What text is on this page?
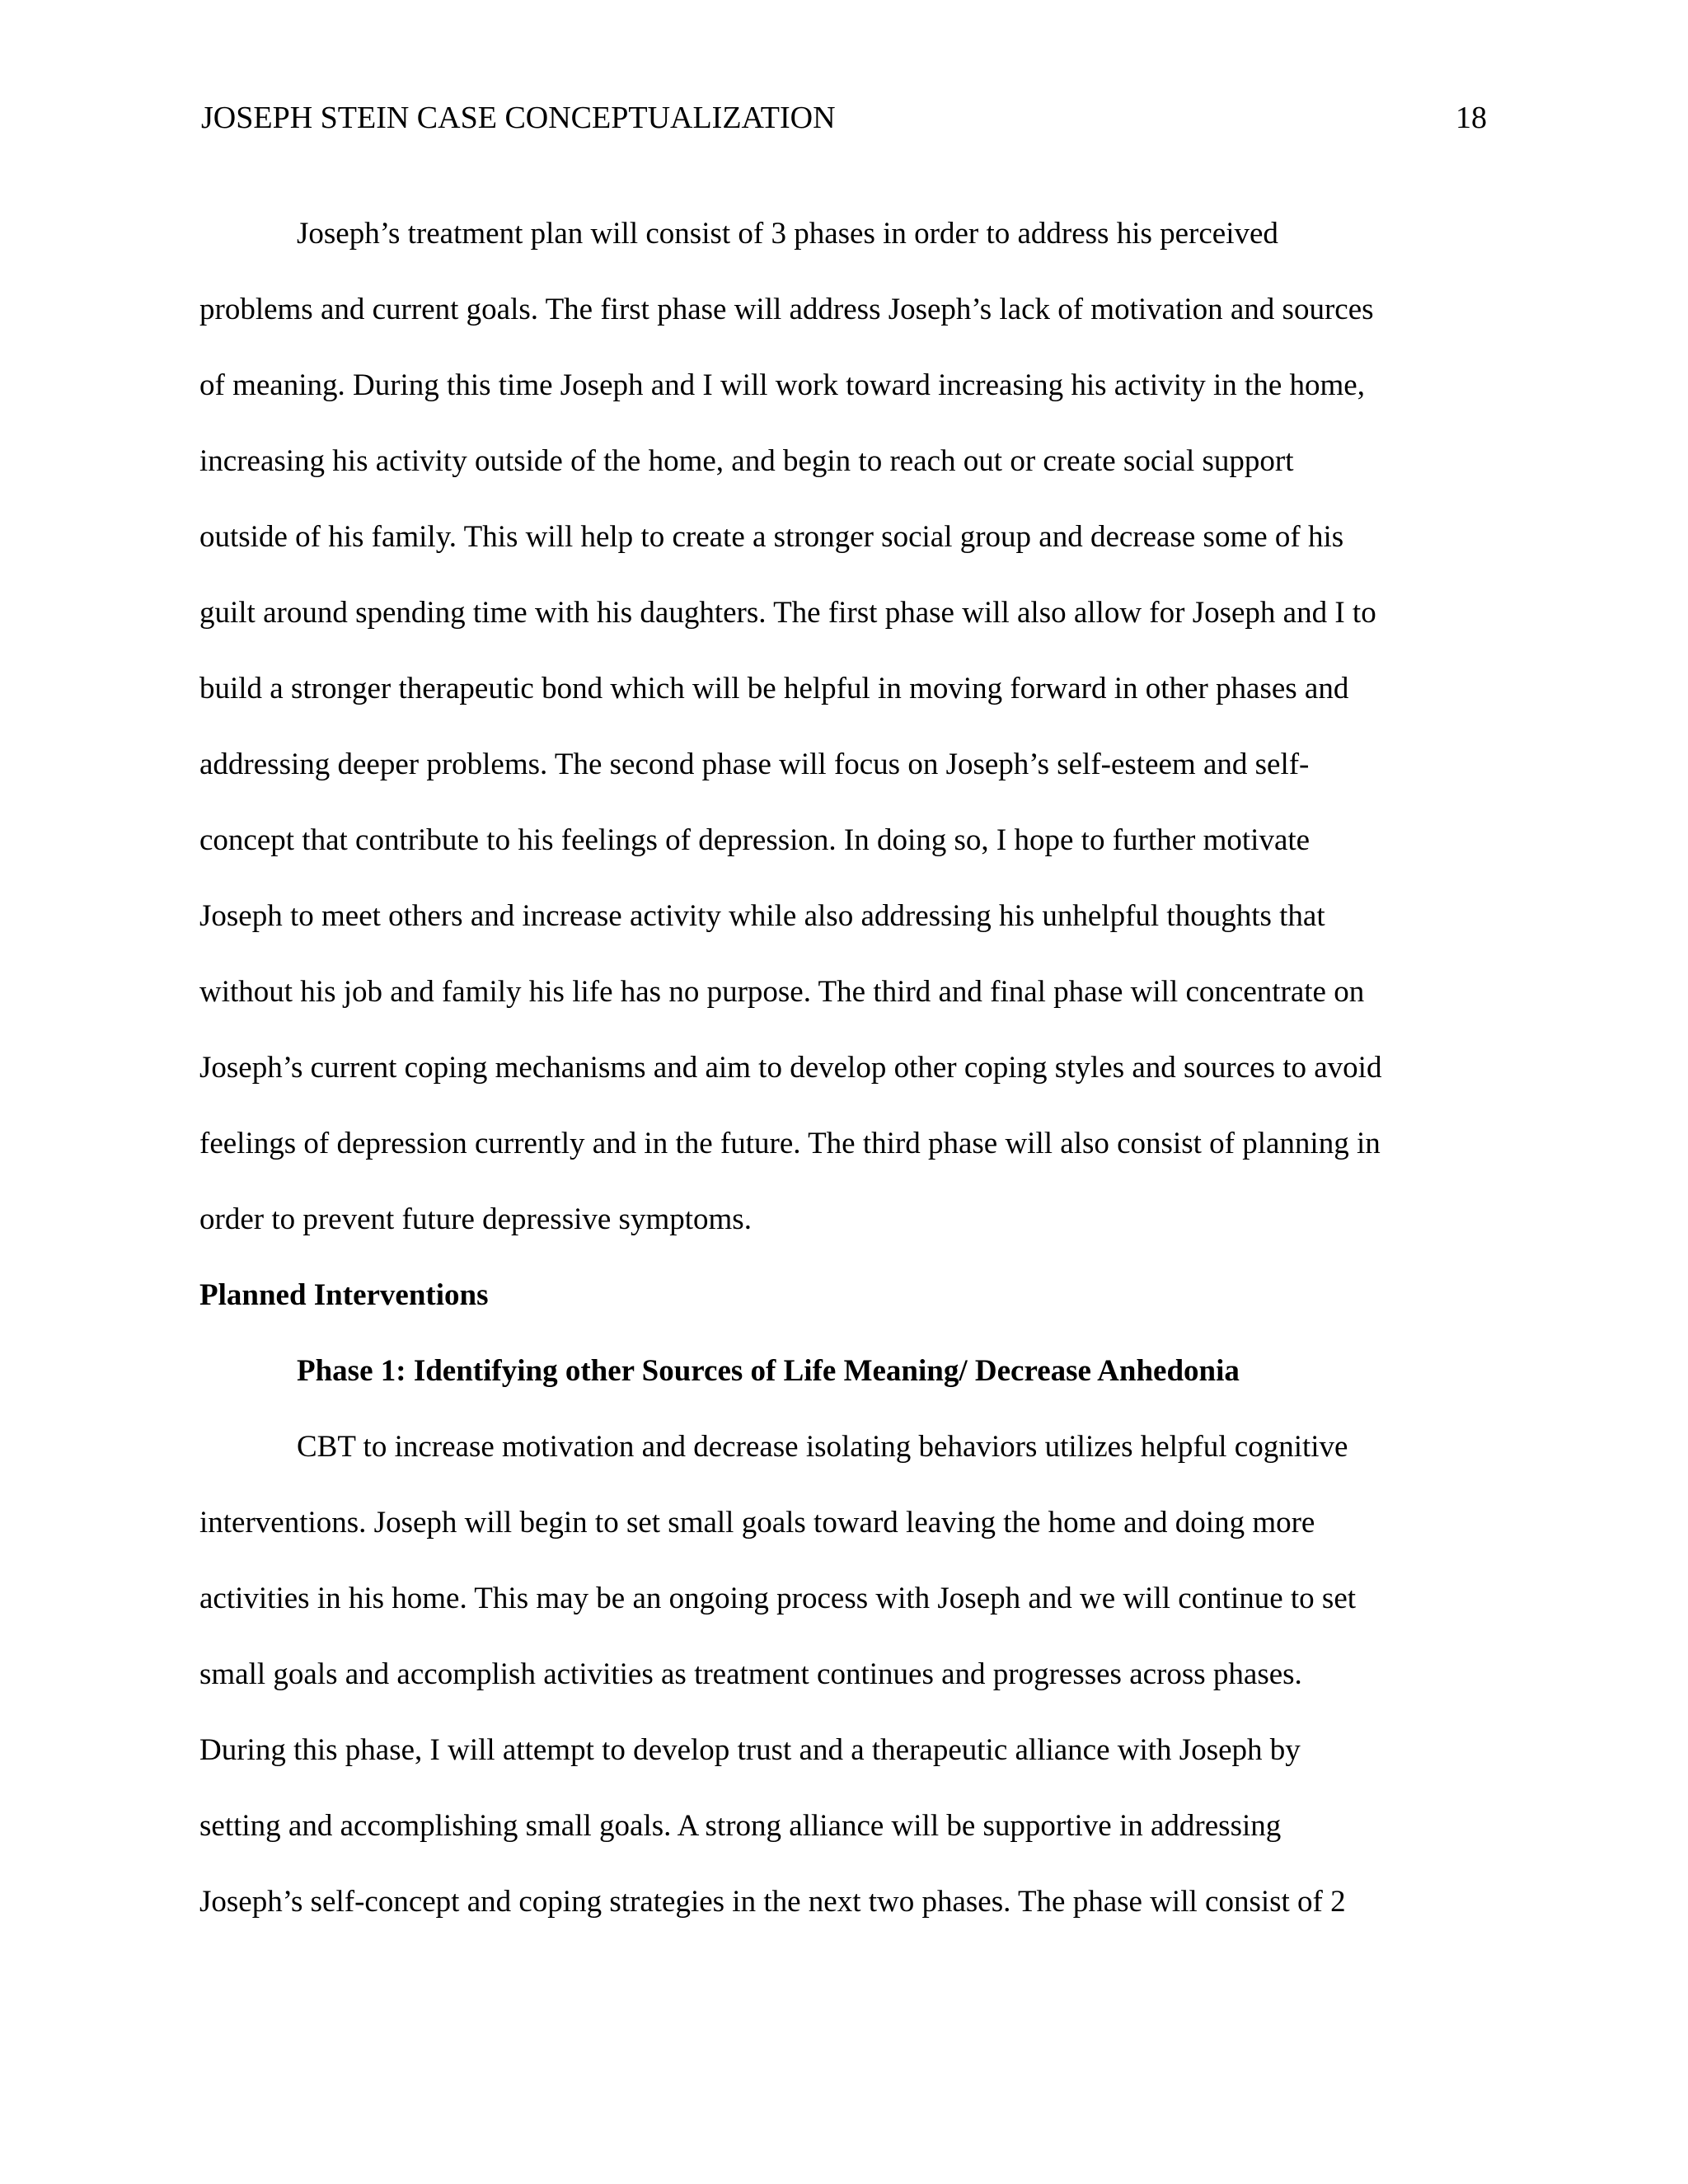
JOSEPH STEIN CASE CONCEPTUALIZATION	18
Joseph’s treatment plan will consist of 3 phases in order to address his perceived
problems and current goals. The first phase will address Joseph’s lack of motivation and sources
of meaning. During this time Joseph and I will work toward increasing his activity in the home,
increasing his activity outside of the home, and begin to reach out or create social support
outside of his family. This will help to create a stronger social group and decrease some of his
guilt around spending time with his daughters. The first phase will also allow for Joseph and I to
build a stronger therapeutic bond which will be helpful in moving forward in other phases and
addressing deeper problems. The second phase will focus on Joseph’s self-esteem and self-
concept that contribute to his feelings of depression. In doing so, I hope to further motivate
Joseph to meet others and increase activity while also addressing his unhelpful thoughts that
without his job and family his life has no purpose. The third and final phase will concentrate on
Joseph’s current coping mechanisms and aim to develop other coping styles and sources to avoid
feelings of depression currently and in the future. The third phase will also consist of planning in
order to prevent future depressive symptoms.
Planned Interventions
Phase 1: Identifying other Sources of Life Meaning/ Decrease Anhedonia
CBT to increase motivation and decrease isolating behaviors utilizes helpful cognitive
interventions. Joseph will begin to set small goals toward leaving the home and doing more
activities in his home. This may be an ongoing process with Joseph and we will continue to set
small goals and accomplish activities as treatment continues and progresses across phases.
During this phase, I will attempt to develop trust and a therapeutic alliance with Joseph by
setting and accomplishing small goals. A strong alliance will be supportive in addressing
Joseph’s self-concept and coping strategies in the next two phases. The phase will consist of 2
